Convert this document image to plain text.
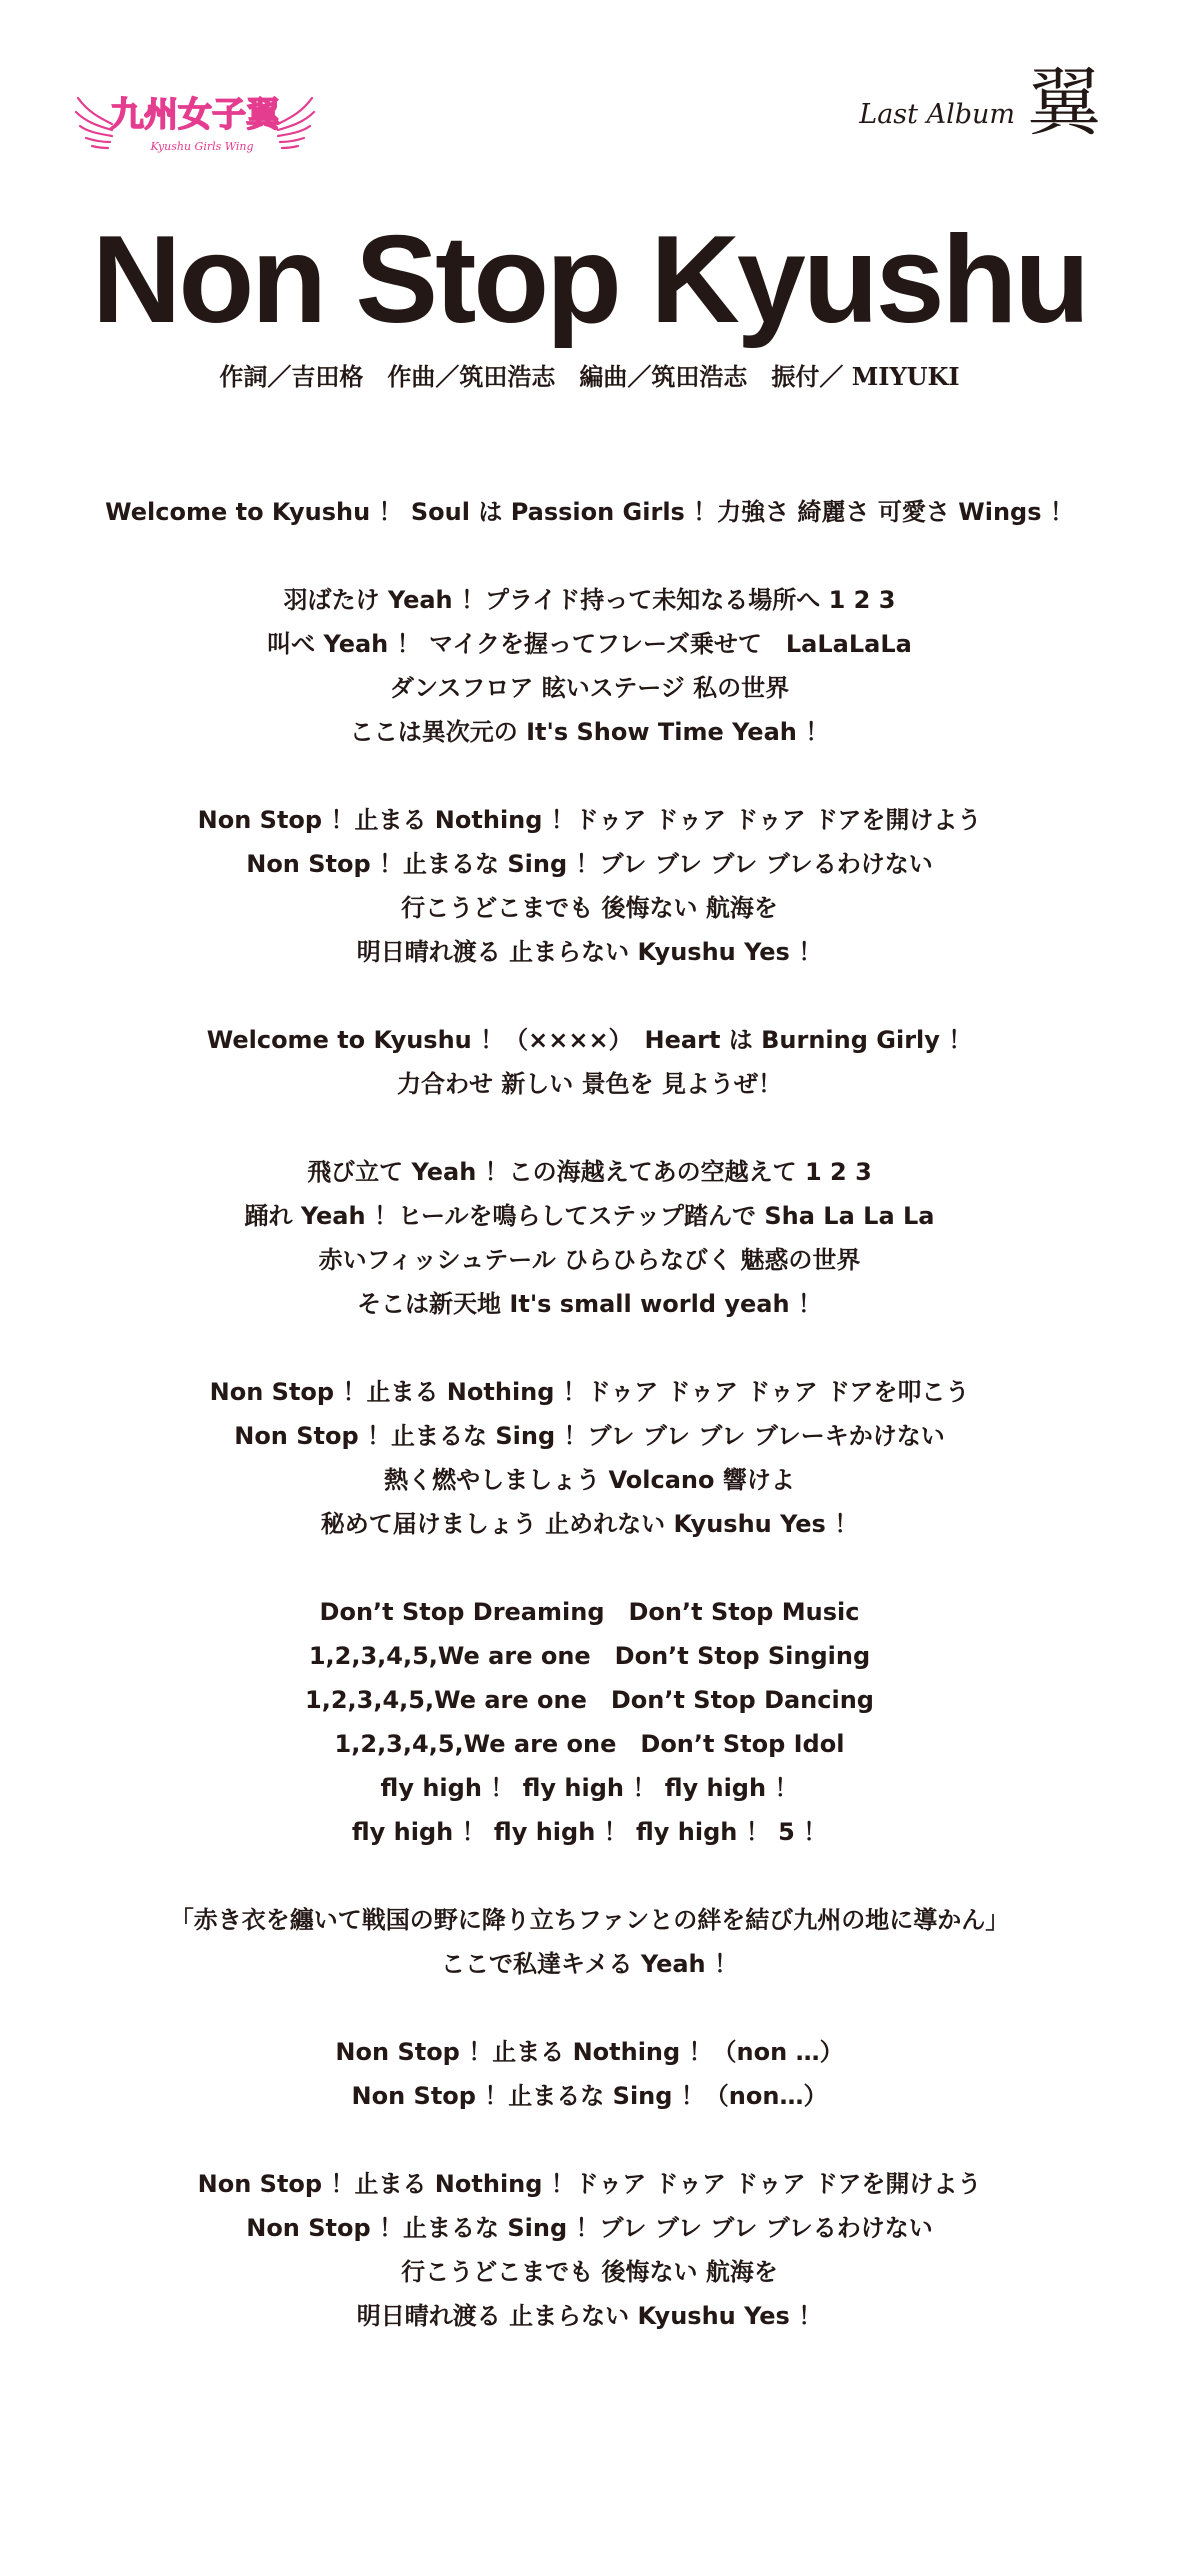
九州女子翼
Kyushu Girls Wing
Last Album 翼
Non Stop Kyushu
作詞／吉田格　作曲／筑田浩志　編曲／筑田浩志　振付／ MIYUKI
Welcome to Kyushu ！ Soul は Passion Girls ！力強さ 綺麗さ 可愛さ Wings ！
羽ばたけ Yeah ！プライド持って未知なる場所へ 1 2 3
叫べ Yeah ！ マイクを握ってフレーズ乗せて　LaLaLaLa
ダンスフロア 眩いステージ 私の世界
ここは異次元の It's Show Time Yeah ！
Non Stop ！止まる Nothing ！ドゥア ドゥア ドゥア ドアを開けよう
Non Stop ！止まるな Sing ！ブレ ブレ ブレ ブレるわけない
行こうどこまでも 後悔ない 航海を
明日晴れ渡る 止まらない Kyushu Yes ！
Welcome to Kyushu ！（××××）　Heart は Burning Girly ！
力合わせ 新しい 景色を 見ようぜ！
飛び立て Yeah ！この海越えてあの空越えて 1 2 3
踊れ Yeah ！ヒールを鳴らしてステップ踏んで Sha La La La
赤いフィッシュテール ひらひらなびく 魅惑の世界
そこは新天地 It's small world yeah ！
Non Stop ！止まる Nothing ！ドゥア ドゥア ドゥア ドアを叩こう
Non Stop ！止まるな Sing ！ブレ ブレ ブレ ブレーキかけない
熱く燃やしましょう Volcano 響けよ
秘めて届けましょう 止めれない Kyushu Yes ！
Don’t Stop Dreaming　Don’t Stop Music
1,2,3,4,5,We are one　Don’t Stop Singing
1,2,3,4,5,We are one　Don’t Stop Dancing
1,2,3,4,5,We are one　Don’t Stop Idol
fly high ！ fly high ！ fly high ！
fly high ！ fly high ！ fly high ！ 5 ！
「赤き衣を纏いて戦国の野に降り立ちファンとの絆を結び九州の地に導かん」
ここで私達キメる Yeah ！
Non Stop ！止まる Nothing ！（non …）
Non Stop ！止まるな Sing ！（non…）
Non Stop ！止まる Nothing ！ドゥア ドゥア ドゥア ドアを開けよう
Non Stop ！止まるな Sing ！ブレ ブレ ブレ ブレるわけない
行こうどこまでも 後悔ない 航海を
明日晴れ渡る 止まらない Kyushu Yes ！
